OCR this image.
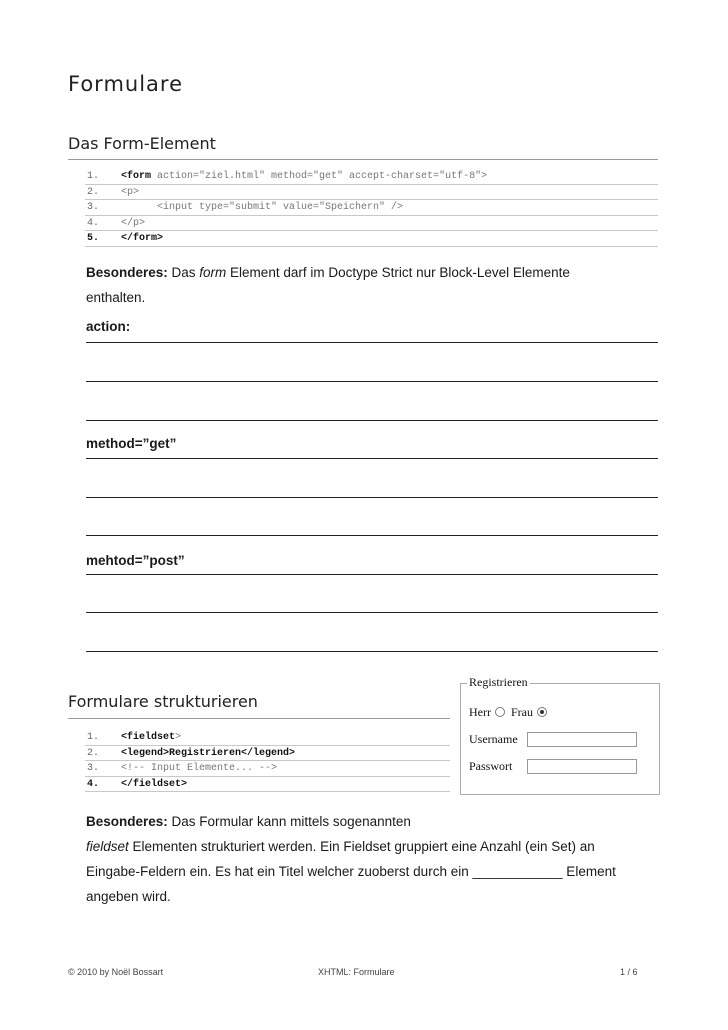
Formulare
Das Form-Element
1. <form action="ziel.html" method="get" accept-charset="utf-8">
2. <p>
3. <input type="submit" value="Speichern" />
4. </p>
5. </form>
Besonderes: Das form Element darf im Doctype Strict nur Block-Level Elemente
enthalten.
action:
method=”get”
mehtod=”post”
Formulare strukturieren
1. <fieldset>
2. <legend>Registrieren</legend>
3. <!-- Input Elemente... -->
4. </fieldset>
Registrieren
Herr Frau
Username
Passwort
Besonderes: Das Formular kann mittels sogenannten
fieldset Elementen strukturiert werden. Ein Fieldset gruppiert eine Anzahl (ein Set) an
Eingabe-Feldern ein. Es hat ein Titel welcher zuoberst durch ein ____________ Element
angeben wird.
© 2010 by Noël Bossart	XHTML: Formulare	1 / 6
